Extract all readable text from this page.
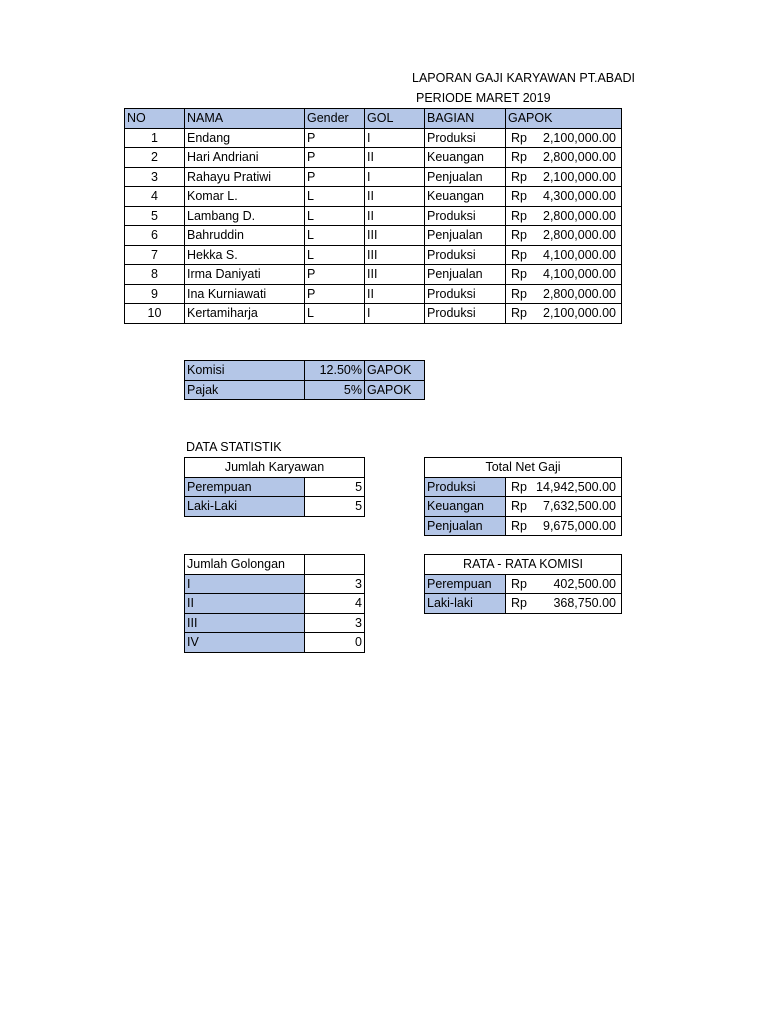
LAPORAN GAJI KARYAWAN PT.ABADI
PERIODE MARET 2019
NO	NAMA	Gender	GOL	BAGIAN	GAPOK
1	Endang	P	I	Produksi	Rp 2,100,000.00

2	Hari Andriani	P	II	Keuangan	Rp 2,800,000.00

3	Rahayu Pratiwi	P	I	Penjualan	Rp 2,100,000.00

4	Komar L.	L	II	Keuangan	Rp 4,300,000.00

5	Lambang D.	L	II	Produksi	Rp 2,800,000.00

6	Bahruddin	L	III	Penjualan	Rp 2,800,000.00

7	Hekka S.	L	III	Produksi	Rp 4,100,000.00

8	Irma Daniyati	P	III	Penjualan	Rp 4,100,000.00

9	Ina Kurniawati	P	II	Produksi	Rp 2,800,000.00

10	Kertamiharja	L	I	Produksi	Rp 2,100,000.00
Komisi	12.50%	GAPOK
Pajak	5%	GAPOK
DATA STATISTIK
Jumlah Karyawan	
Perempuan	5
Laki-Laki	5
Total Net Gaji	
Produksi	Rp 14,942,500.00

Keuangan	Rp 7,632,500.00

Penjualan	Rp 9,675,000.00
Jumlah Golongan	
I	3
II	4
III	3
IV	0
RATA - RATA KOMISI	
Perempuan	Rp 402,500.00

Laki-laki	Rp 368,750.00
